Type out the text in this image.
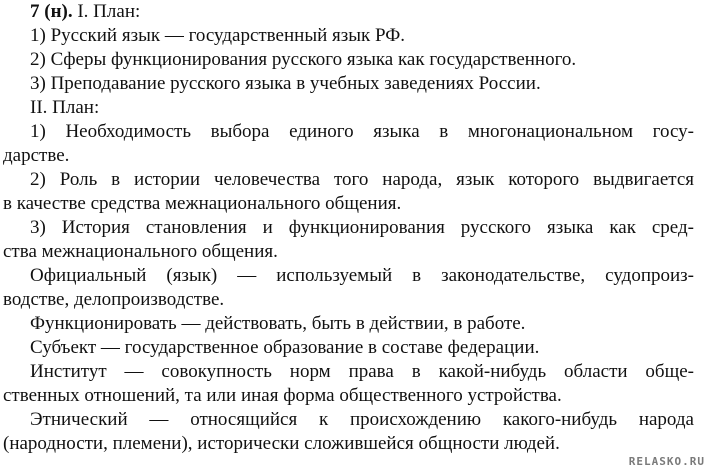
7 (н). I. План:
1) Русский язык — государственный язык РФ.
2) Сферы функционирования русского языка как государственного.
3) Преподавание русского языка в учебных заведениях России.
II. План:
1) Необходимость выбора единого языка в многонациональном госу-
дарстве.
2) Роль в истории человечества того народа, язык которого выдвигается
в качестве средства межнационального общения.
3) История становления и функционирования русского языка как сред-
ства межнационального общения.
Официальный (язык) — используемый в законодательстве, судопроиз-
водстве, делопроизводстве.
Функционировать — действовать, быть в действии, в работе.
Субъект — государственное образование в составе федерации.
Институт — совокупность норм права в какой-нибудь области обще-
ственных отношений, та или иная форма общественного устройства.
Этнический — относящийся к происхождению какого-нибудь народа
(народности, племени), исторически сложившейся общности людей.
RELASKO.RU
